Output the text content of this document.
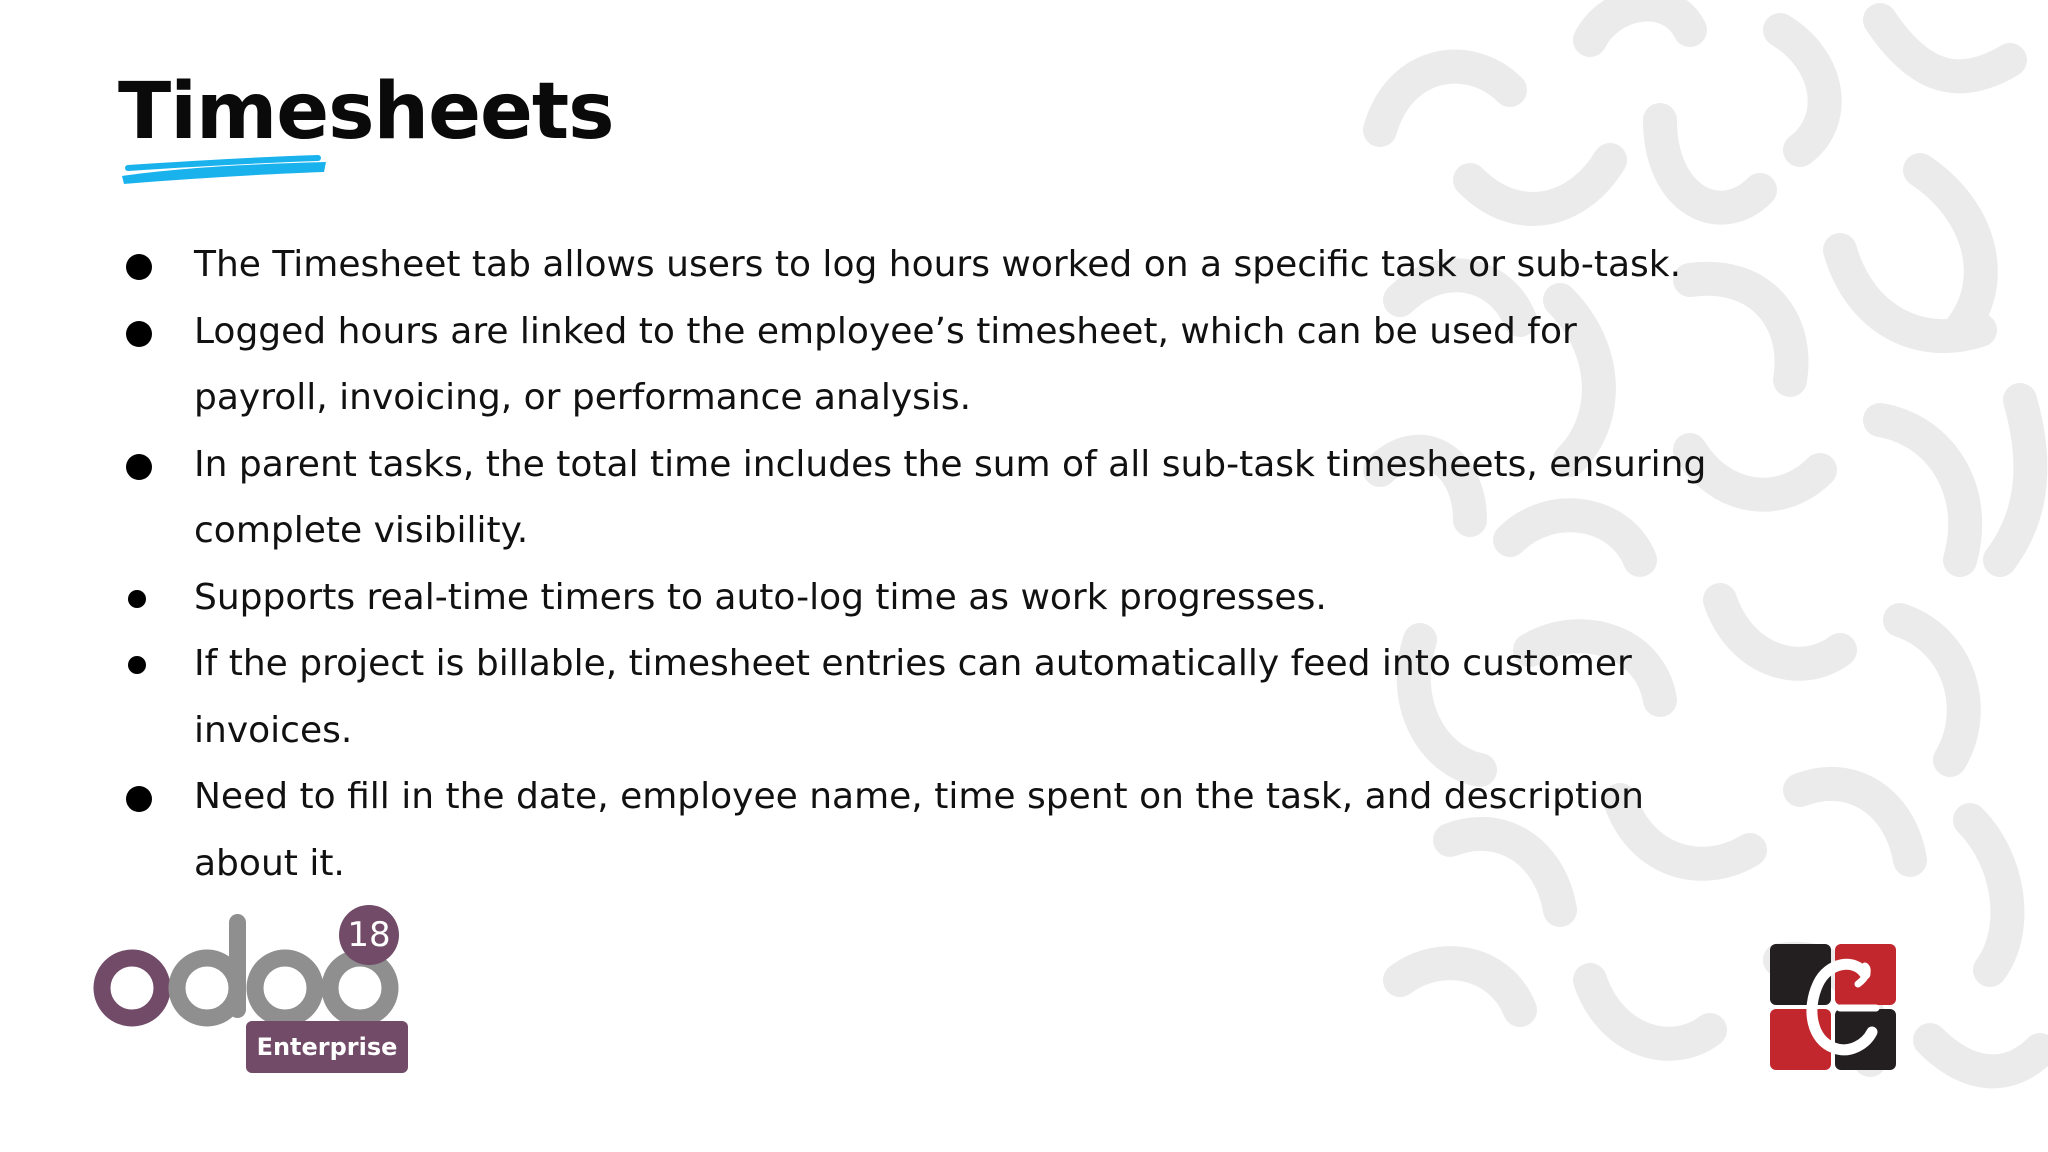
Timesheets
The Timesheet tab allows users to log hours worked on a specific task or sub-task.
Logged hours are linked to the employee’s timesheet, which can be used for payroll, invoicing, or performance analysis.
In parent tasks, the total time includes the sum of all sub-task timesheets, ensuring complete visibility.
Supports real-time timers to auto-log time as work progresses.
If the project is billable, timesheet entries can automatically feed into customer invoices.
Need to fill in the date, employee name, time spent on the task, and description about it.
18
Enterprise
